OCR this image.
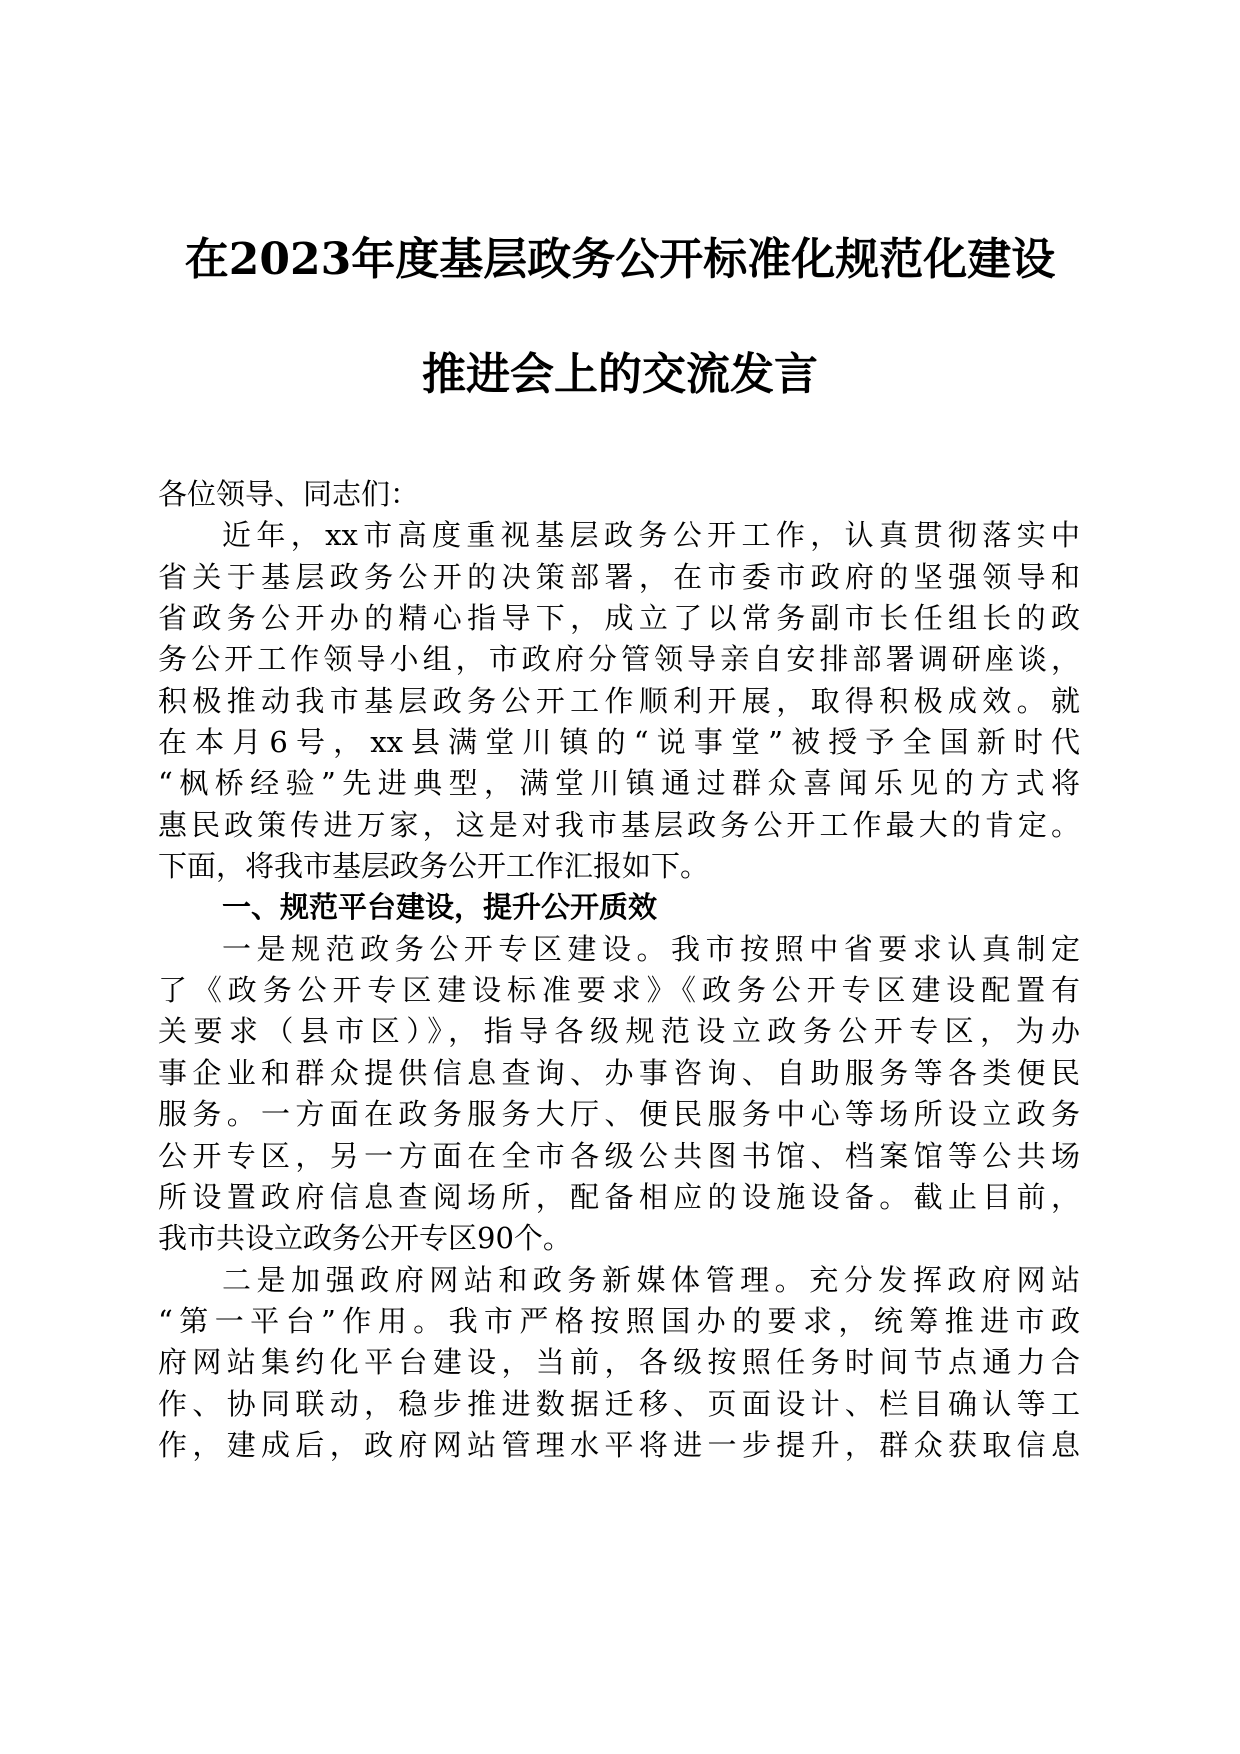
在2023年度基层政务公开标准化规范化建设
推进会上的交流发言
各位领导、同志们：
近年，xx市高度重视基层政务公开工作，认真贯彻落实中
省关于基层政务公开的决策部署，在市委市政府的坚强领导和
省政务公开办的精心指导下，成立了以常务副市长任组长的政
务公开工作领导小组，市政府分管领导亲自安排部署调研座谈，
积极推动我市基层政务公开工作顺利开展，取得积极成效。就
在本月6号，xx县满堂川镇的“说事堂”被授予全国新时代
“枫桥经验”先进典型，满堂川镇通过群众喜闻乐见的方式将
惠民政策传进万家，这是对我市基层政务公开工作最大的肯定。
下面，将我市基层政务公开工作汇报如下。
一、规范平台建设，提升公开质效
一是规范政务公开专区建设。我市按照中省要求认真制定
了《政务公开专区建设标准要求》《政务公开专区建设配置有
关要求（县市区）》，指导各级规范设立政务公开专区，为办
事企业和群众提供信息查询、办事咨询、自助服务等各类便民
服务。一方面在政务服务大厅、便民服务中心等场所设立政务
公开专区，另一方面在全市各级公共图书馆、档案馆等公共场
所设置政府信息查阅场所，配备相应的设施设备。截止目前，
我市共设立政务公开专区90个。
二是加强政府网站和政务新媒体管理。充分发挥政府网站
“第一平台”作用。我市严格按照国办的要求，统筹推进市政
府网站集约化平台建设，当前，各级按照任务时间节点通力合
作、协同联动，稳步推进数据迁移、页面设计、栏目确认等工
作，建成后，政府网站管理水平将进一步提升，群众获取信息
